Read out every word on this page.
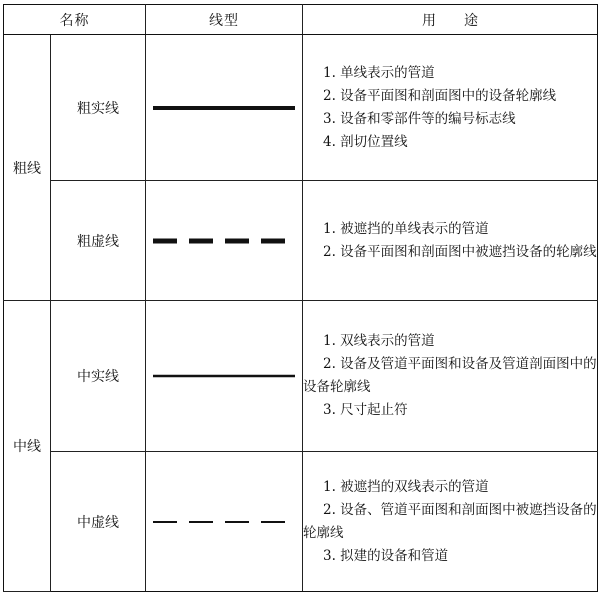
名称		线型	用 途
粗线	粗实线		1. 单线表示的管道

2. 设备平面图和剖面图中的设备轮廓线

3. 设备和零部件等的编号标志线

4. 剖切位置线

	粗虚线		1. 被遮挡的单线表示的管道

2. 设备平面图和剖面图中被遮挡设备的轮廓线

中线	中实线		1. 双线表示的管道

2. 设备及管道平面图和设备及管道剖面图中的设备轮廓线

3. 尺寸起止符

	中虚线		1. 被遮挡的双线表示的管道

2. 设备、管道平面图和剖面图中被遮挡设备的轮廓线

3. 拟建的设备和管道
